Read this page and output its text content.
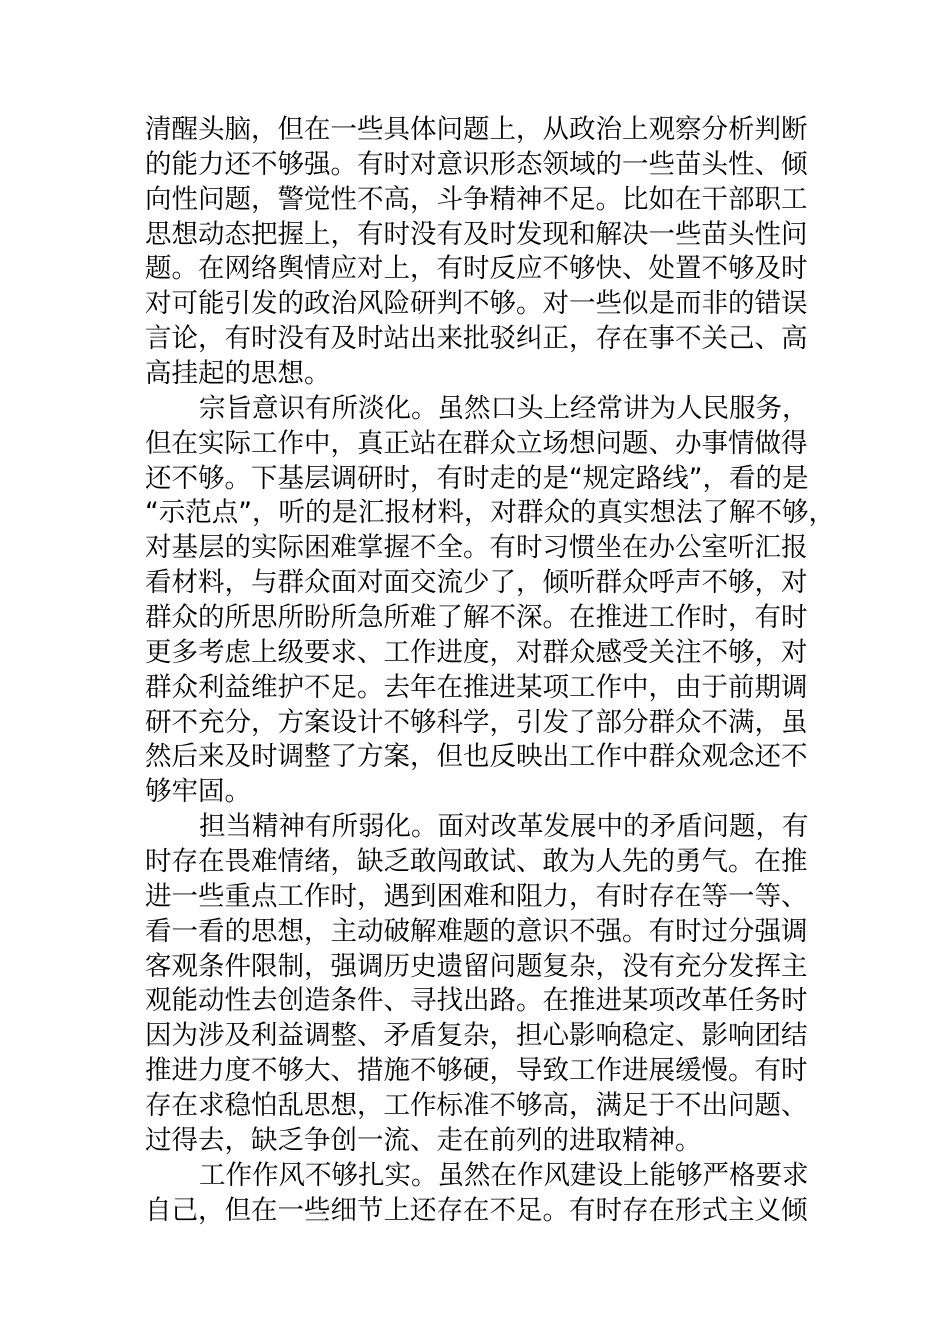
清醒头脑，但在一些具体问题上，从政治上观察分析判断
的能力还不够强。有时对意识形态领域的一些苗头性、倾
向性问题，警觉性不高，斗争精神不足。比如在干部职工
思想动态把握上，有时没有及时发现和解决一些苗头性问
题。在网络舆情应对上，有时反应不够快、处置不够及时
对可能引发的政治风险研判不够。对一些似是而非的错误
言论，有时没有及时站出来批驳纠正，存在事不关己、高
高挂起的思想。
宗旨意识有所淡化。虽然口头上经常讲为人民服务，
但在实际工作中，真正站在群众立场想问题、办事情做得
还不够。下基层调研时，有时走的是“规定路线”，看的是
“示范点”，听的是汇报材料，对群众的真实想法了解不够，
对基层的实际困难掌握不全。有时习惯坐在办公室听汇报
看材料，与群众面对面交流少了，倾听群众呼声不够，对
群众的所思所盼所急所难了解不深。在推进工作时，有时
更多考虑上级要求、工作进度，对群众感受关注不够，对
群众利益维护不足。去年在推进某项工作中，由于前期调
研不充分，方案设计不够科学，引发了部分群众不满，虽
然后来及时调整了方案，但也反映出工作中群众观念还不
够牢固。
担当精神有所弱化。面对改革发展中的矛盾问题，有
时存在畏难情绪，缺乏敢闯敢试、敢为人先的勇气。在推
进一些重点工作时，遇到困难和阻力，有时存在等一等、
看一看的思想，主动破解难题的意识不强。有时过分强调
客观条件限制，强调历史遗留问题复杂，没有充分发挥主
观能动性去创造条件、寻找出路。在推进某项改革任务时
因为涉及利益调整、矛盾复杂，担心影响稳定、影响团结
推进力度不够大、措施不够硬，导致工作进展缓慢。有时
存在求稳怕乱思想，工作标准不够高，满足于不出问题、
过得去，缺乏争创一流、走在前列的进取精神。
工作作风不够扎实。虽然在作风建设上能够严格要求
自己，但在一些细节上还存在不足。有时存在形式主义倾
